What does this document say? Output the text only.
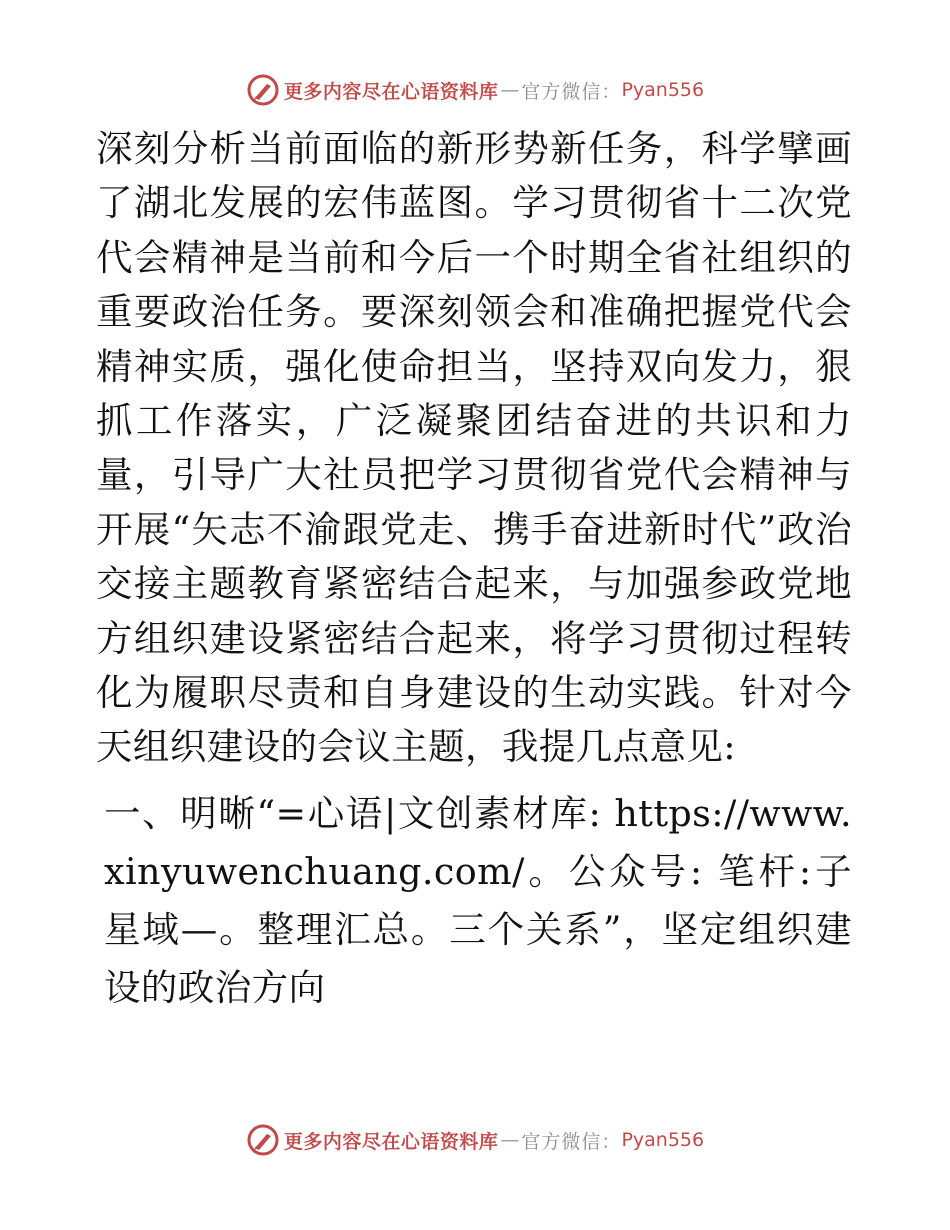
更多内容尽在心语资料库 — 官方微信： Pyan556

深刻分析当前面临的新形势新任务，科学擘画了湖北发展的宏伟蓝图。学习贯彻省十二次党代会精神是当前和今后一个时期全省社组织的重要政治任务。要深刻领会和准确把握党代会精神实质，强化使命担当，坚持双向发力，狠抓工作落实，广泛凝聚团结奋进的共识和力量，引导广大社员把学习贯彻省党代会精神与开展“矢志不渝跟党走、携手奋进新时代”政治交接主题教育紧密结合起来，与加强参政党地方组织建设紧密结合起来，将学习贯彻过程转化为履职尽责和自身建设的生动实践。针对今天组织建设的会议主题，我提几点意见:

一、明晰“=心语|文创素材库: https://www.xinyuwenchuang.com/。公众号: 笔杆:子星域—。整理汇总。三个关系”，坚定组织建设的政治方向

更多内容尽在心语资料库 — 官方微信： Pyan556
